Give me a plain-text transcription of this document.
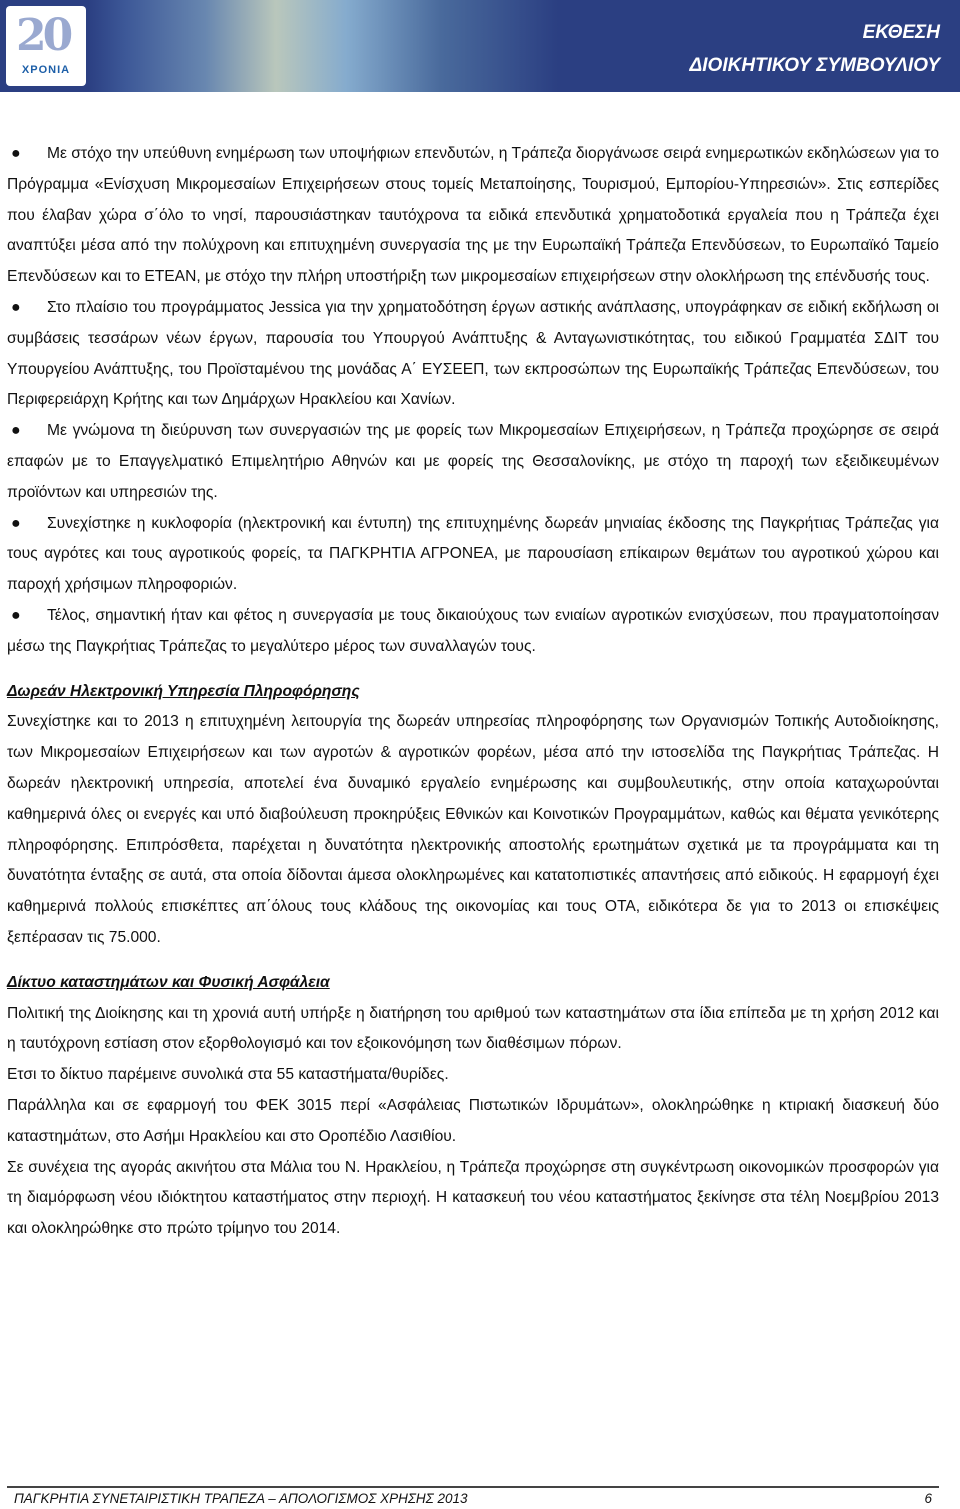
20
ΧΡΟΝΙΑ
ΕΚΘΕΣΗ
ΔΙΟΙΚΗΤΙΚΟΥ ΣΥΜΒΟΥΛΙΟΥ
●	Με στόχο την υπεύθυνη ενημέρωση των υποψήφιων επενδυτών, η Τράπεζα διοργάνωσε σειρά ενημερωτικών εκδηλώσεων για το Πρόγραμμα «Ενίσχυση Μικρομεσαίων Επιχειρήσεων στους τομείς Μεταποίησης, Τουρισμού, Εμπορίου-Υπηρεσιών». Στις εσπερίδες που έλαβαν χώρα σ΄όλο το νησί, παρουσιάστηκαν ταυτόχρονα τα ειδικά επενδυτικά χρηματοδοτικά εργαλεία που η Τράπεζα έχει αναπτύξει μέσα από την πολύχρονη και επιτυχημένη συνεργασία της με την Ευρωπαϊκή Τράπεζα Επενδύσεων, το Ευρωπαϊκό Ταμείο Επενδύσεων και το ΕΤΕΑΝ, με στόχο την πλήρη υποστήριξη των μικρομεσαίων επιχειρήσεων στην ολοκλήρωση της επένδυσής τους.
●	Στο πλαίσιο του προγράμματος Jessica για την χρηματοδότηση έργων αστικής ανάπλασης, υπογράφηκαν σε ειδική εκδήλωση οι συμβάσεις τεσσάρων νέων έργων, παρουσία του Υπουργού Ανάπτυξης & Ανταγωνιστικότητας, του ειδικού Γραμματέα ΣΔΙΤ του Υπουργείου Ανάπτυξης, του Προϊσταμένου της μονάδας Α΄ ΕΥΣΕΕΠ, των εκπροσώπων της Ευρωπαϊκής Τράπεζας Επενδύσεων, του Περιφερειάρχη Κρήτης και των Δημάρχων Ηρακλείου και Χανίων.
●	Με γνώμονα τη διεύρυνση των συνεργασιών της με φορείς των Μικρομεσαίων Επιχειρήσεων, η Τράπεζα προχώρησε σε σειρά επαφών με το Επαγγελματικό Επιμελητήριο Αθηνών και με φορείς της Θεσσαλονίκης, με στόχο τη παροχή των εξειδικευμένων προϊόντων και υπηρεσιών της.
●	Συνεχίστηκε η κυκλοφορία (ηλεκτρονική και έντυπη) της επιτυχημένης δωρεάν μηνιαίας έκδοσης της Παγκρήτιας Τράπεζας για τους αγρότες και τους αγροτικούς φορείς, τα ΠΑΓΚΡΗΤΙΑ ΑΓΡΟΝΕΑ, με παρουσίαση επίκαιρων θεμάτων του αγροτικού χώρου και παροχή χρήσιμων πληροφοριών.
●	Τέλος, σημαντική ήταν και φέτος η συνεργασία με τους δικαιούχους των ενιαίων αγροτικών ενισχύσεων, που πραγματοποίησαν μέσω της Παγκρήτιας Τράπεζας το μεγαλύτερο μέρος των συναλλαγών τους.
Δωρεάν Ηλεκτρονική Υπηρεσία Πληροφόρησης

Συνεχίστηκε και το 2013 η επιτυχημένη λειτουργία της δωρεάν υπηρεσίας πληροφόρησης των Οργανισμών Τοπικής Αυτοδιοίκησης, των Μικρομεσαίων Επιχειρήσεων και των αγροτών & αγροτικών φορέων, μέσα από την ιστοσελίδα της Παγκρήτιας Τράπεζας. Η δωρεάν ηλεκτρονική υπηρεσία, αποτελεί ένα δυναμικό εργαλείο ενημέρωσης και συμβουλευτικής, στην οποία καταχωρούνται καθημερινά όλες οι ενεργές και υπό διαβούλευση προκηρύξεις Εθνικών και Κοινοτικών Προγραμμάτων, καθώς και θέματα γενικότερης πληροφόρησης. Επιπρόσθετα, παρέχεται η δυνατότητα ηλεκτρονικής αποστολής ερωτημάτων σχετικά με τα προγράμματα και τη δυνατότητα ένταξης σε αυτά, στα οποία δίδονται άμεσα ολοκληρωμένες και κατατοπιστικές απαντήσεις από ειδικούς. Η εφαρμογή έχει καθημερινά πολλούς επισκέπτες απ΄όλους τους κλάδους της οικονομίας και τους ΟΤΑ, ειδικότερα δε για το 2013 οι επισκέψεις ξεπέρασαν τις 75.000.

Δίκτυο καταστημάτων και Φυσική Ασφάλεια

Πολιτική της Διοίκησης και τη χρονιά αυτή υπήρξε η διατήρηση του αριθμού των καταστημάτων στα ίδια επίπεδα με τη χρήση 2012 και η ταυτόχρονη εστίαση στον εξορθολογισμό και τον εξοικονόμηση των διαθέσιμων πόρων.

Ετσι το δίκτυο παρέμεινε συνολικά στα 55 καταστήματα/θυρίδες.

Παράλληλα και σε εφαρμογή του ΦΕΚ 3015 περί «Ασφάλειας Πιστωτικών Ιδρυμάτων», ολοκληρώθηκε η κτιριακή διασκευή δύο καταστημάτων, στο Ασήμι Ηρακλείου και στο Οροπέδιο Λασιθίου.

Σε συνέχεια της αγοράς ακινήτου στα Μάλια του Ν. Ηρακλείου, η Τράπεζα προχώρησε στη συγκέντρωση οικονομικών προσφορών για τη διαμόρφωση νέου ιδιόκτητου καταστήματος στην περιοχή. Η κατασκευή του νέου καταστήματος ξεκίνησε στα τέλη Νοεμβρίου 2013 και ολοκληρώθηκε στο πρώτο τρίμηνο του 2014.

ΠΑΓΚΡΗΤΙΑ ΣΥΝΕΤΑΙΡΙΣΤΙΚΗ ΤΡΑΠΕΖΑ – ΑΠΟΛΟΓΙΣΜΟΣ ΧΡΗΣΗΣ 2013	6
